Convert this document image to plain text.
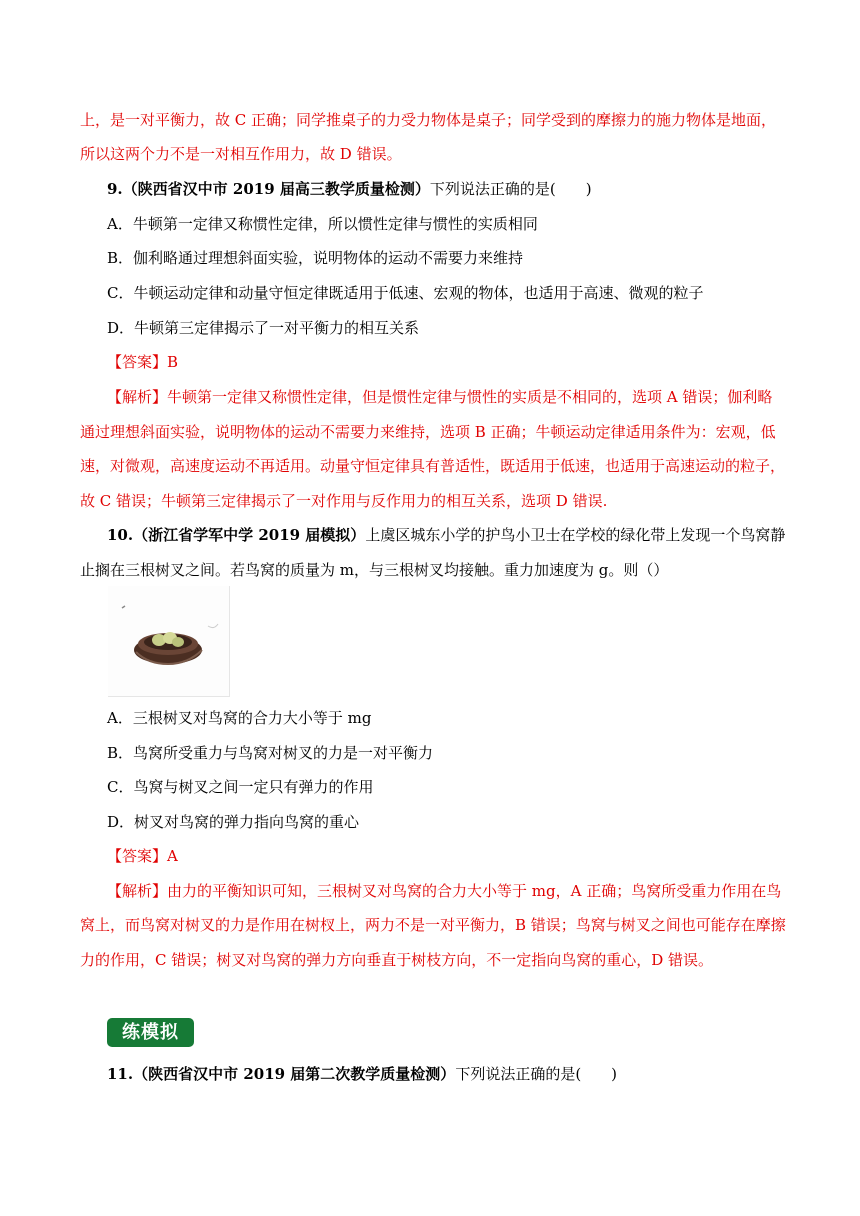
上，是一对平衡力，故 C 正确；同学推桌子的力受力物体是桌子；同学受到的摩擦力的施力物体是地面，
所以这两个力不是一对相互作用力，故 D 错误。
9.（陕西省汉中市 2019 届高三教学质量检测）下列说法正确的是(　　)
A．牛顿第一定律又称惯性定律，所以惯性定律与惯性的实质相同
B．伽利略通过理想斜面实验，说明物体的运动不需要力来维持
C．牛顿运动定律和动量守恒定律既适用于低速、宏观的物体，也适用于高速、微观的粒子
D．牛顿第三定律揭示了一对平衡力的相互关系
【答案】B
【解析】牛顿第一定律又称惯性定律，但是惯性定律与惯性的实质是不相同的，选项 A 错误；伽利略
通过理想斜面实验，说明物体的运动不需要力来维持，选项 B 正确；牛顿运动定律适用条件为：宏观，低
速，对微观，高速度运动不再适用。动量守恒定律具有普适性，既适用于低速，也适用于高速运动的粒子，
故 C 错误；牛顿第三定律揭示了一对作用与反作用力的相互关系，选项 D 错误.
10.（浙江省学军中学 2019 届模拟）上虞区城东小学的护鸟小卫士在学校的绿化带上发现一个鸟窝静
止搁在三根树叉之间。若鸟窝的质量为 m，与三根树叉均接触。重力加速度为 g。则（）
A．三根树叉对鸟窝的合力大小等于 mg
B．鸟窝所受重力与鸟窝对树叉的力是一对平衡力
C．鸟窝与树叉之间一定只有弹力的作用
D．树叉对鸟窝的弹力指向鸟窝的重心
【答案】A
【解析】由力的平衡知识可知，三根树叉对鸟窝的合力大小等于 mg，A 正确；鸟窝所受重力作用在鸟
窝上，而鸟窝对树叉的力是作用在树杈上，两力不是一对平衡力，B 错误；鸟窝与树叉之间也可能存在摩擦
力的作用，C 错误；树叉对鸟窝的弹力方向垂直于树枝方向，不一定指向鸟窝的重心，D 错误。
练模拟
11.（陕西省汉中市 2019 届第二次教学质量检测）下列说法正确的是(　　)
